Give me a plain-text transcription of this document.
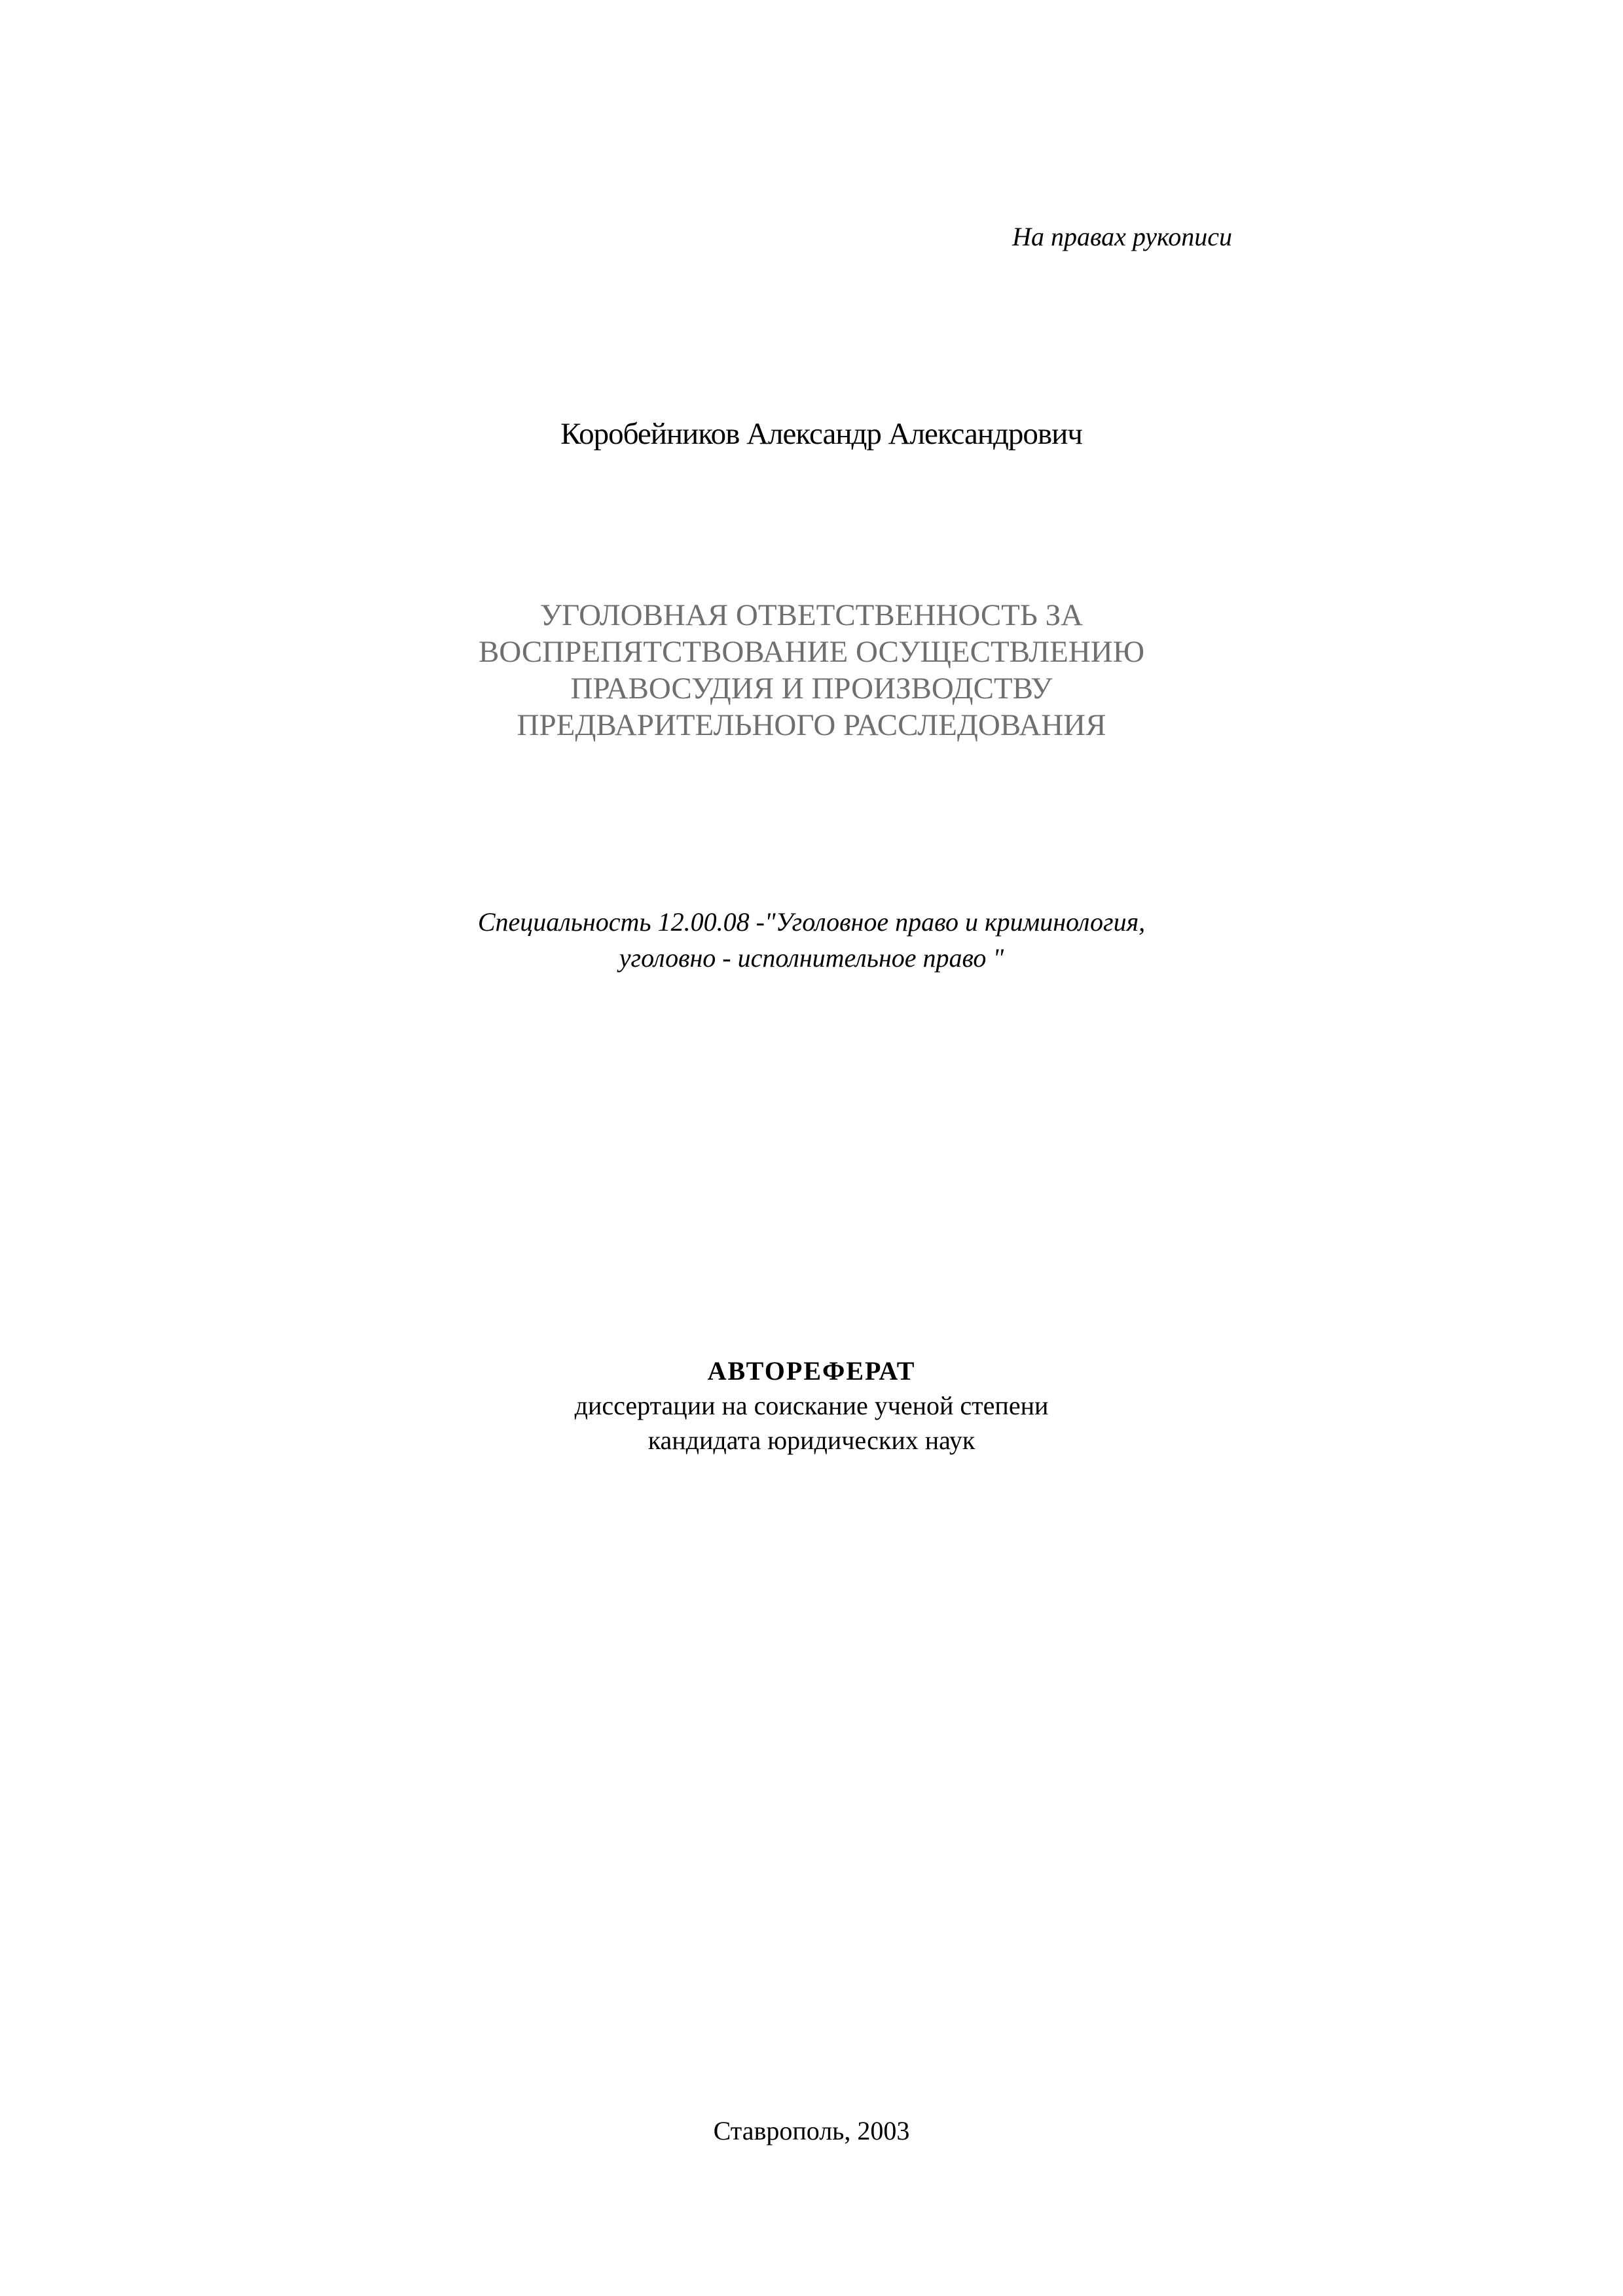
На правах рукописи
Коробейников Александр Александрович
УГОЛОВНАЯ ОТВЕТСТВЕННОСТЬ ЗА
ВОСПРЕПЯТСТВОВАНИЕ ОСУЩЕСТВЛЕНИЮ
ПРАВОСУДИЯ И ПРОИЗВОДСТВУ
ПРЕДВАРИТЕЛЬНОГО РАССЛЕДОВАНИЯ
Специальность 12.00.08 -"Уголовное право и криминология,
уголовно - исполнительное право "
АВТОРЕФЕРАТ
диссертации на соискание ученой степени
кандидата юридических наук
Ставрополь, 2003
